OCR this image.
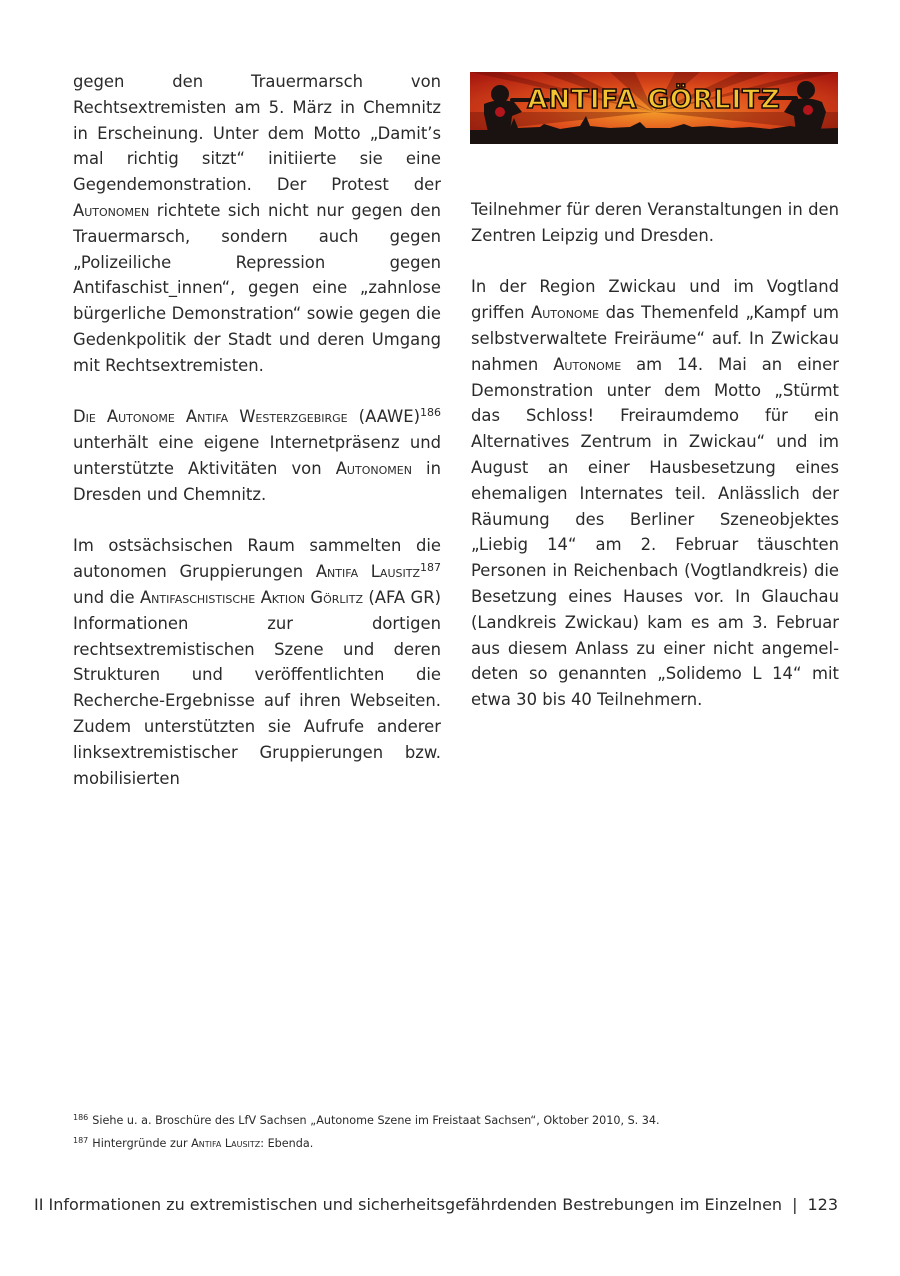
gegen den Trauermarsch von Rechtsextremisten am 5. März in Chemnitz in Erscheinung. Unter dem Motto „Damit’s mal richtig sitzt“ initiierte sie eine Gegendemonstration. Der Protest der Autonomen richtete sich nicht nur gegen den Trauermarsch, sondern auch gegen „Polizeiliche Repression gegen Antifaschist_innen“, gegen eine „zahnlose bürgerliche Demonstration“ sowie gegen die Gedenkpolitik der Stadt und deren Umgang mit Rechtsextremisten.

Die Autonome Antifa Westerzgebirge (AAWE)$^{186}$ unterhält eine eigene Internetpräsenz und unterstützte Aktivitäten von Autonomen in Dresden und Chemnitz.

Im ostsächsischen Raum sammelten die autonomen Gruppierungen Antifa Lausitz$^{187}$ und die Antifaschistische Aktion Görlitz (AFA GR) Informationen zur dortigen rechtsextremistischen Szene und deren Strukturen und veröffentlichten die Recherche-Ergebnisse auf ihren Webseiten. Zudem unterstützten sie Aufrufe anderer linksextremistischer Gruppierungen bzw. mobilisierten

ANTIFA GÖRLITZ

Teilnehmer für deren Veranstaltungen in den Zentren Leipzig und Dresden.

In der Region Zwickau und im Vogtland griffen Autonome das Themenfeld „Kampf um selbstverwaltete Freiräume“ auf. In Zwickau nahmen Autonome am 14. Mai an einer Demonstration unter dem Motto „Stürmt das Schloss! Freiraumdemo für ein Alternatives Zentrum in Zwickau“ und im August an einer Hausbesetzung eines ehemaligen Internates teil. Anlässlich der Räumung des Berliner Szeneobjektes „Liebig 14“ am 2. Februar täuschten Personen in Reichenbach (Vogtlandkreis) die Besetzung eines Hauses vor. In Glauchau (Landkreis Zwickau) kam es am 3. Februar aus diesem Anlass zu einer nicht angemeldeten so genannten „Solidemo L 14“ mit etwa 30 bis 40 Teilnehmern.

$^{186}$ Siehe u. a. Broschüre des LfV Sachsen „Autonome Szene im Freistaat Sachsen“, Oktober 2010, S. 34.
$^{187}$ Hintergründe zur Antifa Lausitz: Ebenda.
II Informationen zu extremistischen und sicherheitsgefährdenden Bestrebungen im Einzelnen | 123
